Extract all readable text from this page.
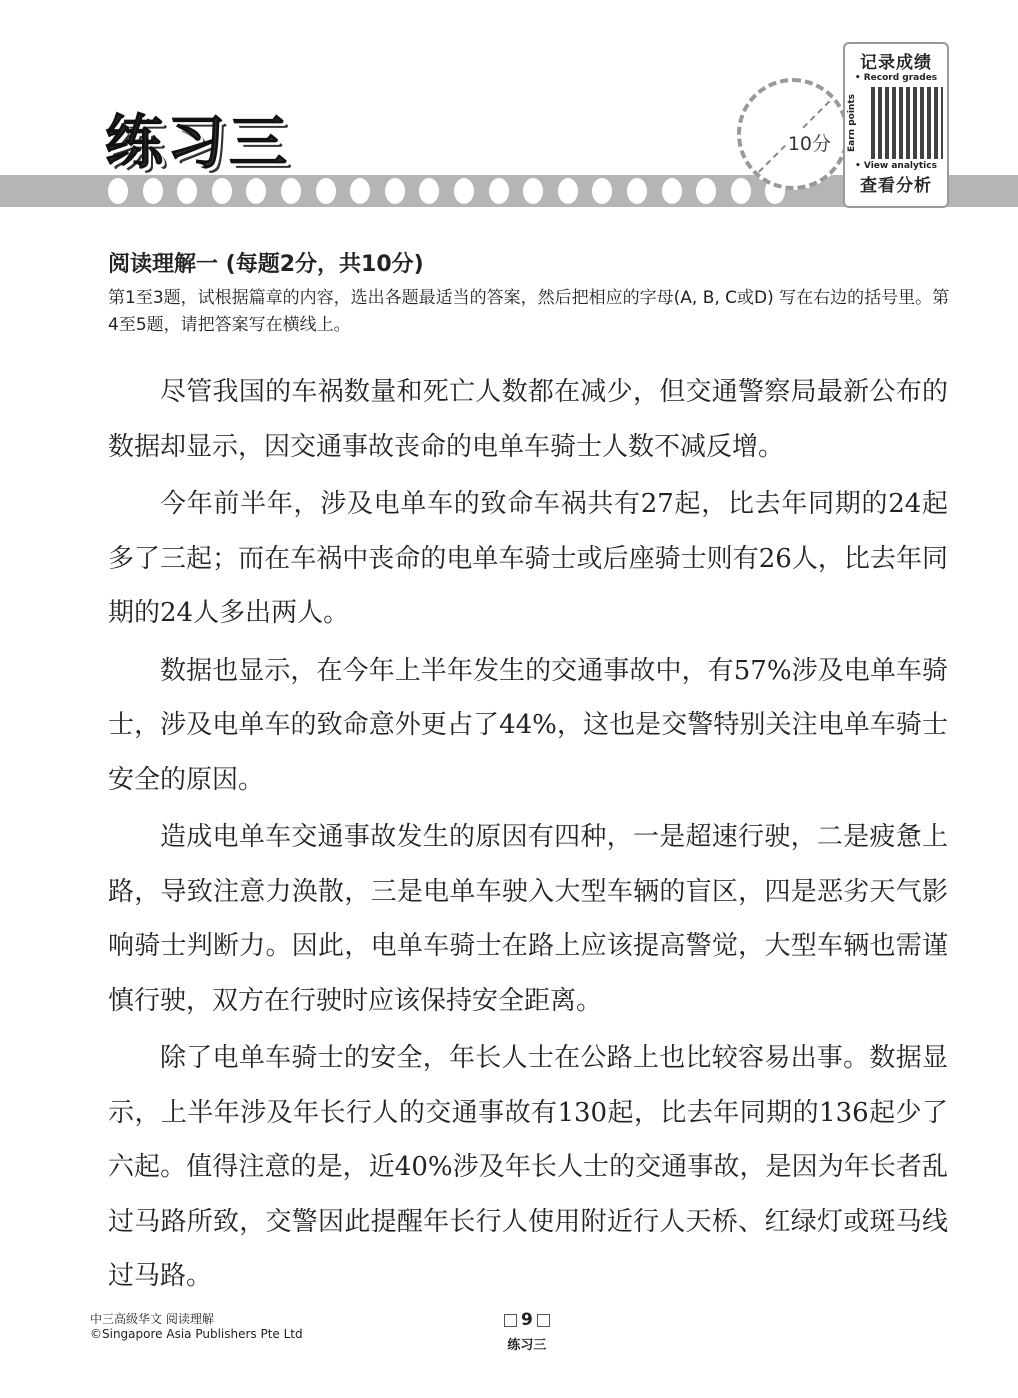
练习三	10分
记录成绩
• Record grades
Earn points
• View analytics
查看分析
阅读理解一 (每题2分，共10分)
第1至3题，试根据篇章的内容，选出各题最适当的答案，然后把相应的字母(A, B, C或D) 写在右边的括号里。第4至5题，请把答案写在横线上。

尽管我国的车祸数量和死亡人数都在减少，但交通警察局最新公布的数据却显示，因交通事故丧命的电单车骑士人数不减反增。

今年前半年，涉及电单车的致命车祸共有27起，比去年同期的24起多了三起；而在车祸中丧命的电单车骑士或后座骑士则有26人，比去年同期的24人多出两人。

数据也显示，在今年上半年发生的交通事故中，有57%涉及电单车骑士，涉及电单车的致命意外更占了44%，这也是交警特别关注电单车骑士安全的原因。

造成电单车交通事故发生的原因有四种，一是超速行驶，二是疲惫上路，导致注意力涣散，三是电单车驶入大型车辆的盲区，四是恶劣天气影响骑士判断力。因此，电单车骑士在路上应该提高警觉，大型车辆也需谨慎行驶，双方在行驶时应该保持安全距离。

除了电单车骑士的安全，年长人士在公路上也比较容易出事。数据显示，上半年涉及年长行人的交通事故有130起，比去年同期的136起少了六起。值得注意的是，近40%涉及年长人士的交通事故，是因为年长者乱过马路所致，交警因此提醒年长行人使用附近行人天桥、红绿灯或斑马线过马路。

中三高级华文 阅读理解
©Singapore Asia Publishers Pte Ltd
9
练习三
